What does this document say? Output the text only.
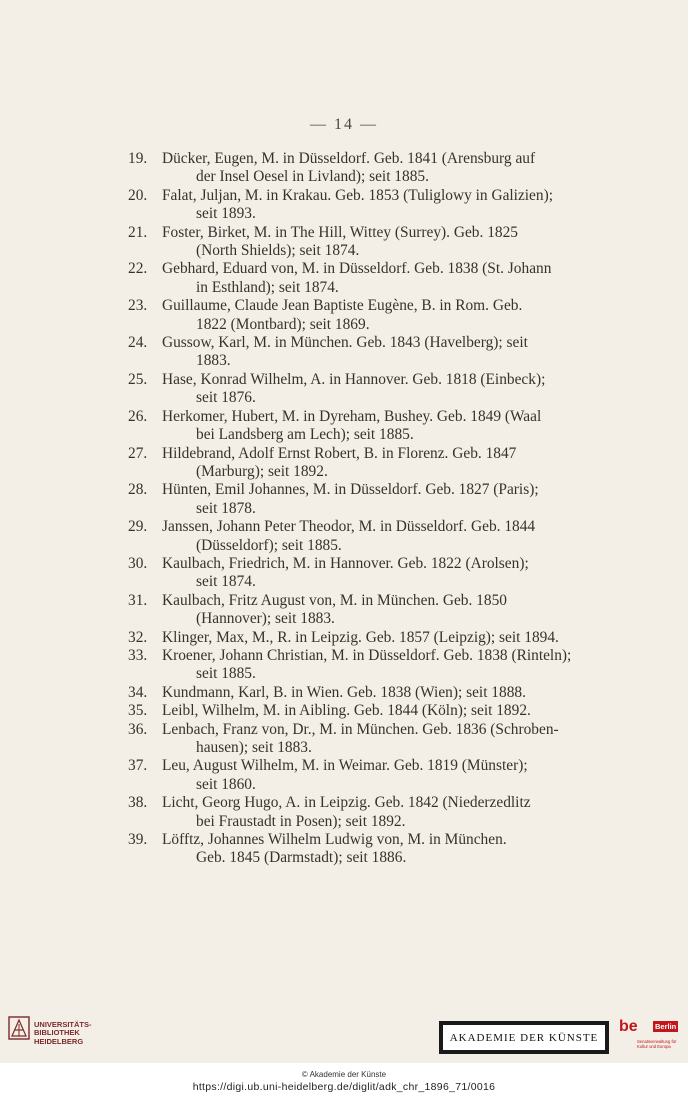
— 14 —
19. Dücker, Eugen, M. in Düsseldorf. Geb. 1841 (Arensburg auf
der Insel Oesel in Livland); seit 1885.
20. Falat, Juljan, M. in Krakau. Geb. 1853 (Tuliglowy in Galizien);
seit 1893.
21. Foster, Birket, M. in The Hill, Wittey (Surrey). Geb. 1825
(North Shields); seit 1874.
22. Gebhard, Eduard von, M. in Düsseldorf. Geb. 1838 (St. Johann
in Esthland); seit 1874.
23. Guillaume, Claude Jean Baptiste Eugène, B. in Rom. Geb.
1822 (Montbard); seit 1869.
24. Gussow, Karl, M. in München. Geb. 1843 (Havelberg); seit
1883.
25. Hase, Konrad Wilhelm, A. in Hannover. Geb. 1818 (Einbeck);
seit 1876.
26. Herkomer, Hubert, M. in Dyreham, Bushey. Geb. 1849 (Waal
bei Landsberg am Lech); seit 1885.
27. Hildebrand, Adolf Ernst Robert, B. in Florenz. Geb. 1847
(Marburg); seit 1892.
28. Hünten, Emil Johannes, M. in Düsseldorf. Geb. 1827 (Paris);
seit 1878.
29. Janssen, Johann Peter Theodor, M. in Düsseldorf. Geb. 1844
(Düsseldorf); seit 1885.
30. Kaulbach, Friedrich, M. in Hannover. Geb. 1822 (Arolsen);
seit 1874.
31. Kaulbach, Fritz August von, M. in München. Geb. 1850
(Hannover); seit 1883.
32. Klinger, Max, M., R. in Leipzig. Geb. 1857 (Leipzig); seit 1894.
33. Kroener, Johann Christian, M. in Düsseldorf. Geb. 1838 (Rinteln);
seit 1885.
34. Kundmann, Karl, B. in Wien. Geb. 1838 (Wien); seit 1888.
35. Leibl, Wilhelm, M. in Aibling. Geb. 1844 (Köln); seit 1892.
36. Lenbach, Franz von, Dr., M. in München. Geb. 1836 (Schroben-
hausen); seit 1883.
37. Leu, August Wilhelm, M. in Weimar. Geb. 1819 (Münster);
seit 1860.
38. Licht, Georg Hugo, A. in Leipzig. Geb. 1842 (Niederzedlitz
bei Fraustadt in Posen); seit 1892.
39. Löfftz, Johannes Wilhelm Ludwig von, M. in München.
Geb. 1845 (Darmstadt); seit 1886.
UNIVERSITÄTS-
BIBLIOTHEK
HEIDELBERG	AKADEMIE DER KÜNSTE
be Berlin
Senatsverwaltung für Kultur und Europa
© Akademie der Künste
https://digi.ub.uni-heidelberg.de/diglit/adk_chr_1896_71/0016
